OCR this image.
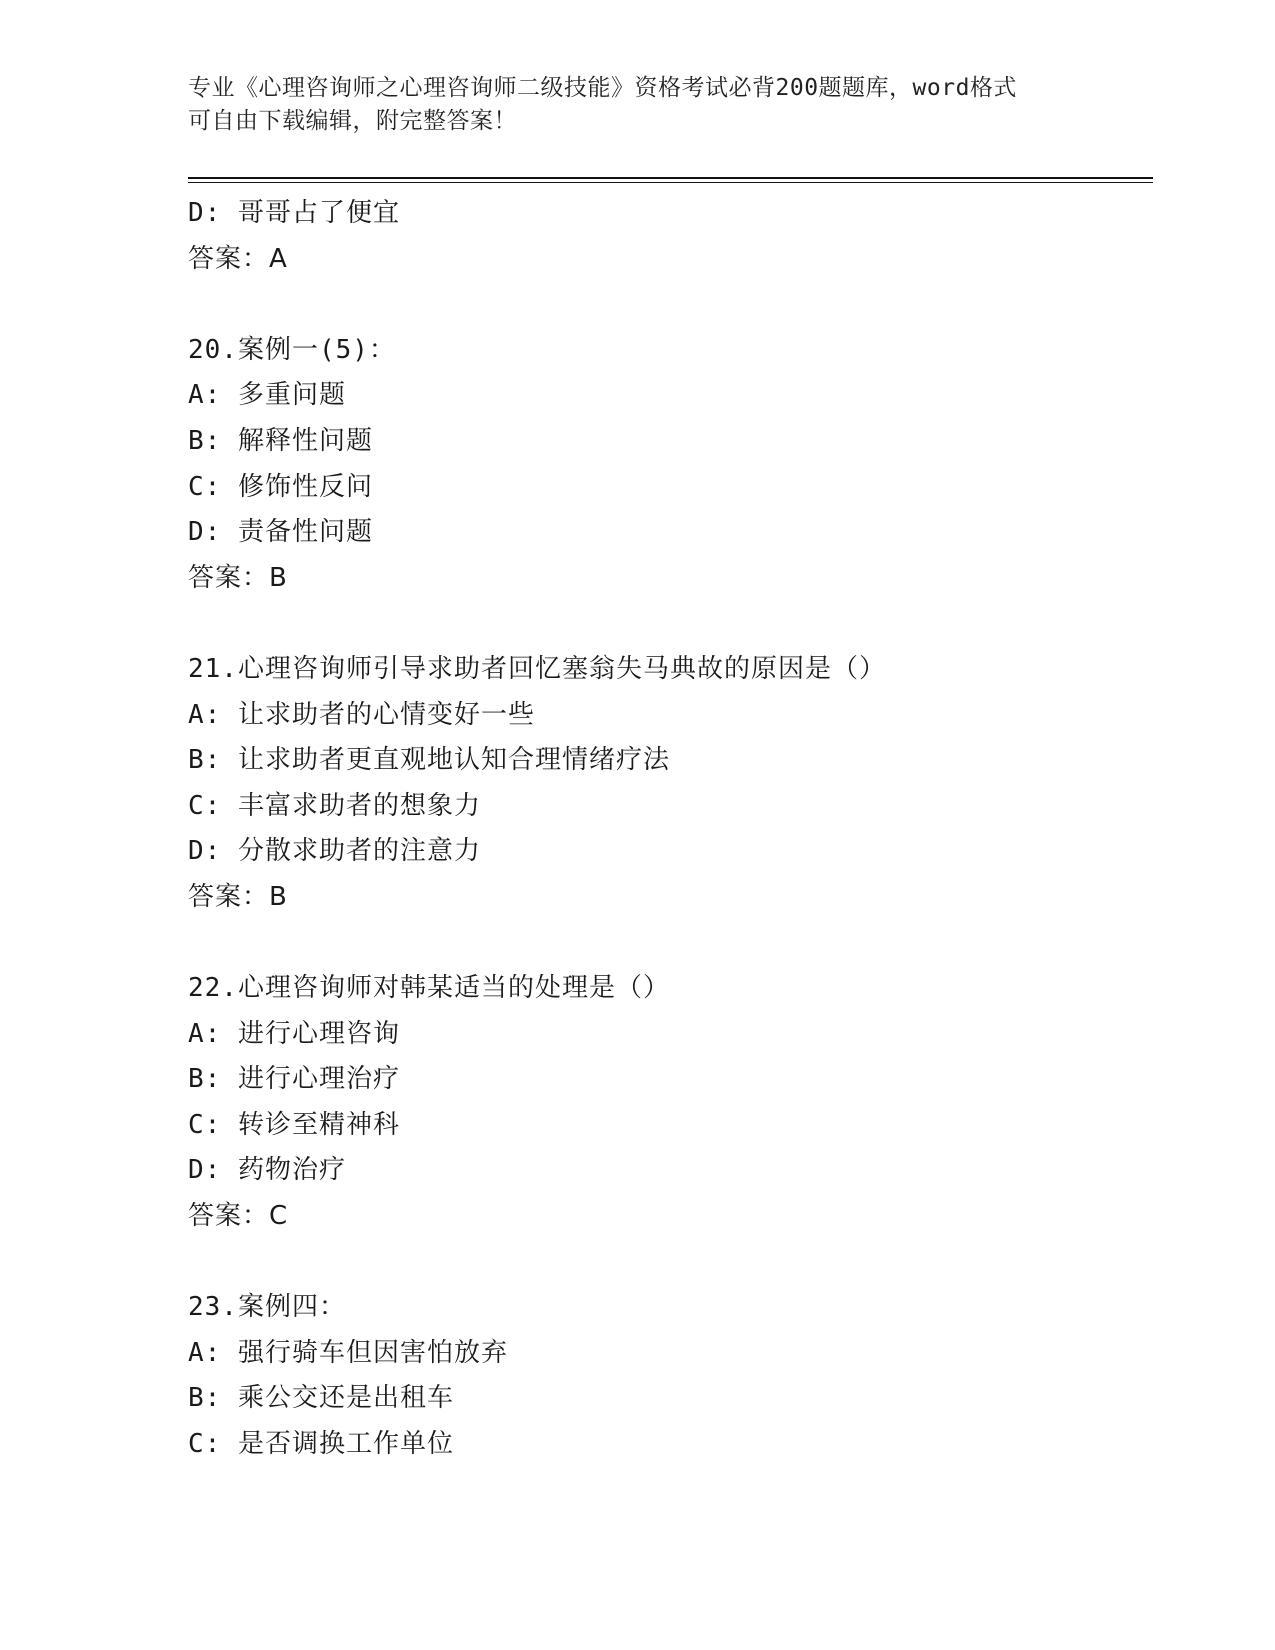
专业《心理咨询师之心理咨询师二级技能》资格考试必背200题题库，word格式
可自由下载编辑，附完整答案！
D: 哥哥占了便宜
答案：A
20.案例一(5)：
A: 多重问题
B: 解释性问题
C: 修饰性反问
D: 责备性问题
答案：B
21.心理咨询师引导求助者回忆塞翁失马典故的原因是（）
A: 让求助者的心情变好一些
B: 让求助者更直观地认知合理情绪疗法
C: 丰富求助者的想象力
D: 分散求助者的注意力
答案：B
22.心理咨询师对韩某适当的处理是（）
A: 进行心理咨询
B: 进行心理治疗
C: 转诊至精神科
D: 药物治疗
答案：C
23.案例四：
A: 强行骑车但因害怕放弃
B: 乘公交还是出租车
C: 是否调换工作单位
